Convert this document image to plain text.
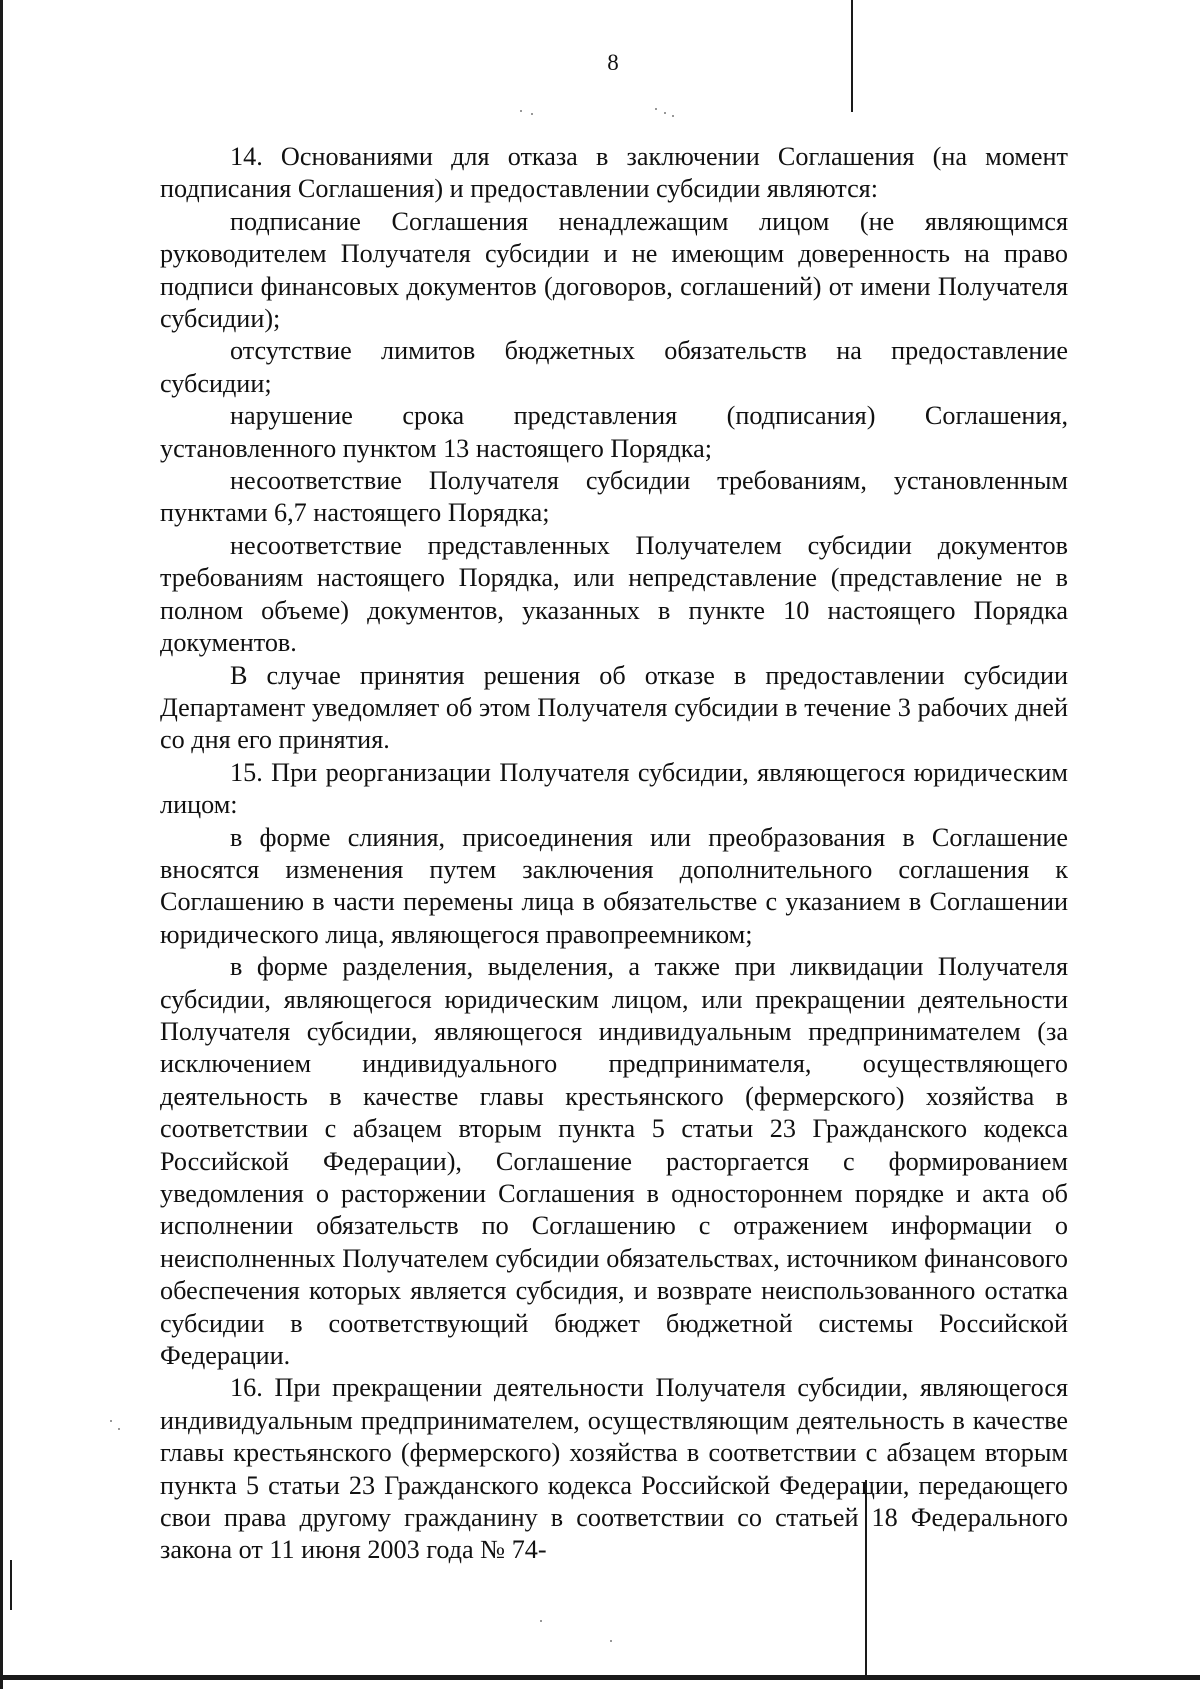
8

14. Основаниями для отказа в заключении Соглашения (на момент подписания Соглашения) и предоставлении субсидии являются:

подписание Соглашения ненадлежащим лицом (не являющимся руководителем Получателя субсидии и не имеющим доверенность на право подписи финансовых документов (договоров, соглашений) от имени Получателя субсидии);

отсутствие лимитов бюджетных обязательств на предоставление субсидии;

нарушение срока представления (подписания) Соглашения, установленного пунктом 13 настоящего Порядка;

несоответствие Получателя субсидии требованиям, установленным пунктами 6,7 настоящего Порядка;

несоответствие представленных Получателем субсидии документов требованиям настоящего Порядка, или непредставление (представление не в полном объеме) документов, указанных в пункте 10 настоящего Порядка документов.

В случае принятия решения об отказе в предоставлении субсидии Департамент уведомляет об этом Получателя субсидии в течение 3 рабочих дней со дня его принятия.

15. При реорганизации Получателя субсидии, являющегося юридическим лицом:

в форме слияния, присоединения или преобразования в Соглашение вносятся изменения путем заключения дополнительного соглашения к Соглашению в части перемены лица в обязательстве с указанием в Соглашении юридического лица, являющегося правопреемником;

в форме разделения, выделения, а также при ликвидации Получателя субсидии, являющегося юридическим лицом, или прекращении деятельности Получателя субсидии, являющегося индивидуальным предпринимателем (за исключением индивидуального предпринимателя, осуществляющего деятельность в качестве главы крестьянского (фермерского) хозяйства в соответствии с абзацем вторым пункта 5 статьи 23 Гражданского кодекса Российской Федерации), Соглашение расторгается с формированием уведомления о расторжении Соглашения в одностороннем порядке и акта об исполнении обязательств по Соглашению с отражением информации о неисполненных Получателем субсидии обязательствах, источником финансового обеспечения которых является субсидия, и возврате неиспользованного остатка субсидии в соответствующий бюджет бюджетной системы Российской Федерации.

16. При прекращении деятельности Получателя субсидии, являющегося индивидуальным предпринимателем, осуществляющим деятельность в качестве главы крестьянского (фермерского) хозяйства в соответствии с абзацем вторым пункта 5 статьи 23 Гражданского кодекса Российской Федерации, передающего свои права другому гражданину в соответствии со статьей 18 Федерального закона от 11 июня 2003 года № 74-
